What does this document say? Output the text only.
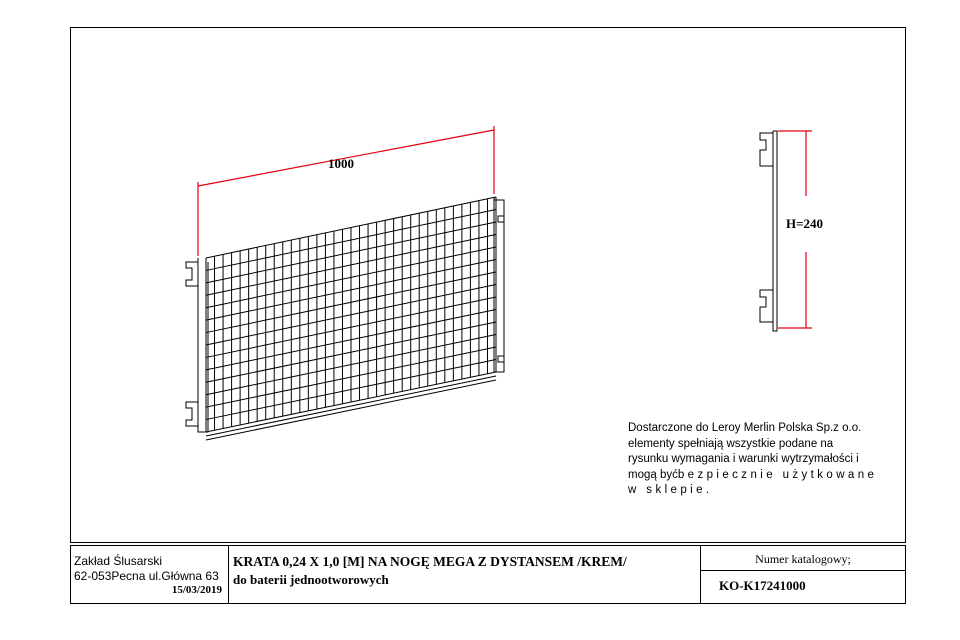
1000
H=240
Dostarczone do Leroy Merlin Polska Sp.z o.o.
elementy spełniają wszystkie podane na
rysunku wymagania i warunki wytrzymałości i
mogą byćbezpiecznie użytkowane
w sklepie.
Zakład Ślusarski
62-053Pecna ul.Główna 63
15/03/2019
KRATA 0,24 X 1,0 [M] NA NOGĘ MEGA Z DYSTANSEM /KREM/
do baterii jednootworowych
Numer katalogowy;
KO-K17241000
